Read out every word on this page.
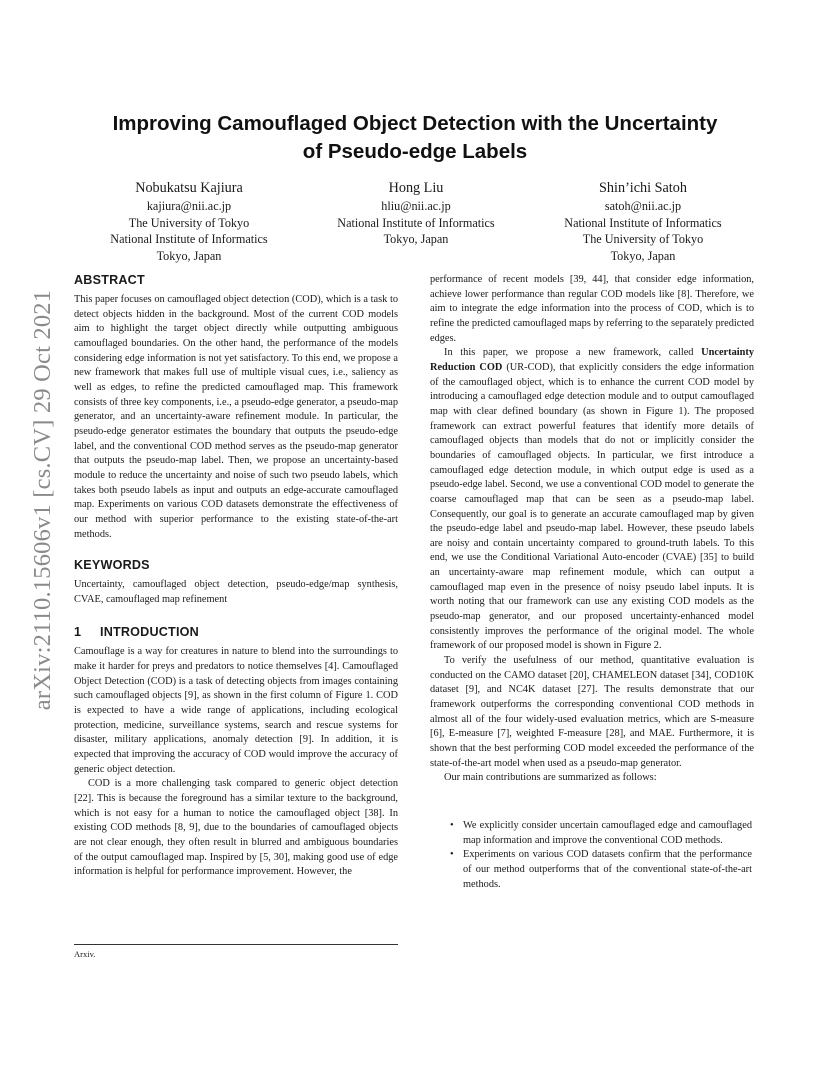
arXiv:2110.15606v1 [cs.CV] 29 Oct 2021
Improving Camouflaged Object Detection with the Uncertainty
of Pseudo-edge Labels
Nobukatsu Kajiura
kajiura@nii.ac.jp
The University of Tokyo
National Institute of Informatics
Tokyo, Japan
Hong Liu
hliu@nii.ac.jp
National Institute of Informatics
Tokyo, Japan
Shin’ichi Satoh
satoh@nii.ac.jp
National Institute of Informatics
The University of Tokyo
Tokyo, Japan
ABSTRACT

This paper focuses on camouflaged object detection (COD), which is a task to detect objects hidden in the background. Most of the current COD models aim to highlight the target object directly while outputting ambiguous camouflaged boundaries. On the other hand, the performance of the models considering edge information is not yet satisfactory. To this end, we propose a new framework that makes full use of multiple visual cues, i.e., saliency as well as edges, to refine the predicted camouflaged map. This framework consists of three key components, i.e., a pseudo-edge generator, a pseudo-map generator, and an uncertainty-aware refinement module. In particular, the pseudo-edge generator estimates the boundary that outputs the pseudo-edge label, and the conventional COD method serves as the pseudo-map generator that outputs the pseudo-map label. Then, we propose an uncertainty-based module to reduce the uncertainty and noise of such two pseudo labels, which takes both pseudo labels as input and outputs an edge-accurate camouflaged map. Experiments on various COD datasets demonstrate the effectiveness of our method with superior performance to the existing state-of-the-art methods.

KEYWORDS

Uncertainty, camouflaged object detection, pseudo-edge/map synthesis, CVAE, camouflaged map refinement

1 INTRODUCTION

Camouflage is a way for creatures in nature to blend into the surroundings to make it harder for preys and predators to notice themselves [4]. Camouflaged Object Detection (COD) is a task of detecting objects from images containing such camouflaged objects [9], as shown in the first column of Figure 1. COD is expected to have a wide range of applications, including ecological protection, medicine, surveillance systems, search and rescue systems for disaster, military applications, anomaly detection [9]. In addition, it is expected that improving the accuracy of COD would improve the accuracy of generic object detection.

COD is a more challenging task compared to generic object detection [22]. This is because the foreground has a similar texture to the background, which is not easy for a human to notice the camouflaged object [38]. In existing COD methods [8, 9], due to the boundaries of camouflaged objects are not clear enough, they often result in blurred and ambiguous boundaries of the output camouflaged map. Inspired by [5, 30], making good use of edge information is helpful for performance improvement. However, the

performance of recent models [39, 44], that consider edge information, achieve lower performance than regular COD models like [8]. Therefore, we aim to integrate the edge information into the process of COD, which is to refine the predicted camouflaged maps by referring to the separately predicted edges.

In this paper, we propose a new framework, called Uncertainty Reduction COD (UR-COD), that explicitly considers the edge information of the camouflaged object, which is to enhance the current COD model by introducing a camouflaged edge detection module and to output camouflaged map with clear defined boundary (as shown in Figure 1). The proposed framework can extract powerful features that identify more details of camouflaged objects than models that do not or implicitly consider the boundaries of camouflaged objects. In particular, we first introduce a camouflaged edge detection module, in which output edge is used as a pseudo-edge label. Second, we use a conventional COD model to generate the coarse camouflaged map that can be seen as a pseudo-map label. Consequently, our goal is to generate an accurate camouflaged map by given the pseudo-edge label and pseudo-map label. However, these pseudo labels are noisy and contain uncertainty compared to ground-truth labels. To this end, we use the Conditional Variational Auto-encoder (CVAE) [35] to build an uncertainty-aware map refinement module, which can output a camouflaged map even in the presence of noisy pseudo label inputs. It is worth noting that our framework can use any existing COD models as the pseudo-map generator, and our proposed uncertainty-enhanced model consistently improves the performance of the original model. The whole framework of our proposed model is shown in Figure 2.

To verify the usefulness of our method, quantitative evaluation is conducted on the CAMO dataset [20], CHAMELEON dataset [34], COD10K dataset [9], and NC4K dataset [27]. The results demonstrate that our framework outperforms the corresponding conventional COD methods in almost all of the four widely-used evaluation metrics, which are S-measure [6], E-measure [7], weighted F-measure [28], and MAE. Furthermore, it is shown that the best performing COD model exceeded the performance of the state-of-the-art model when used as a pseudo-map generator.

Our main contributions are summarized as follows:

• We explicitly consider uncertain camouflaged edge and camouflaged map information and improve the conventional COD methods.
• Experiments on various COD datasets confirm that the performance of our method outperforms that of the conventional state-of-the-art methods.
Arxiv.
